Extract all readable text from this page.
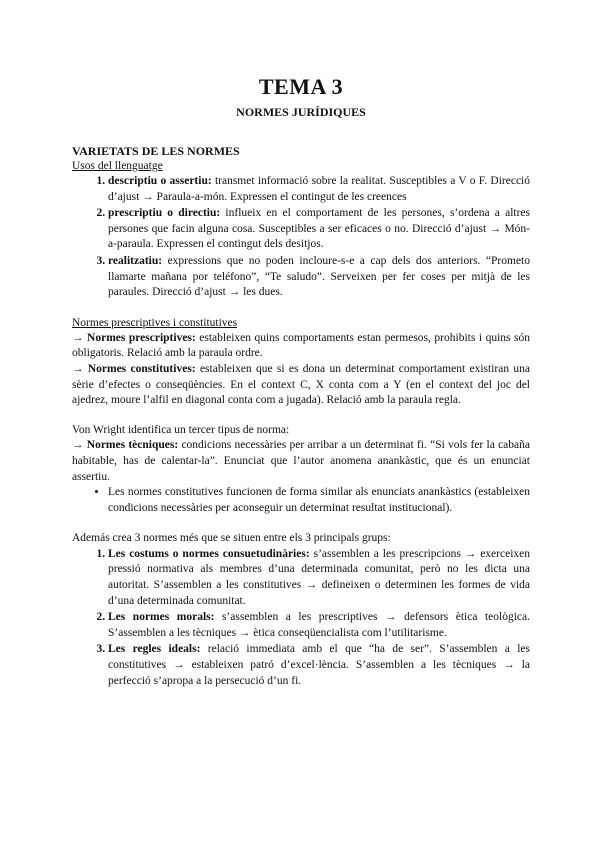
TEMA 3
NORMES JURÍDIQUES
VARIETATS DE LES NORMES
Usos del llenguatge
1. descriptiu o assertiu: transmet informació sobre la realitat. Susceptibles a V o F. Direcció d’ajust → Paraula-a-món. Expressen el contingut de les creences
2. prescriptiu o directiu: influeix en el comportament de les persones, s’ordena a altres persones que facin alguna cosa. Susceptibles a ser eficaces o no. Direcció d’ajust → Món-a-paraula. Expressen el contingut dels desitjos.
3. realitzatiu: expressions que no poden incloure-s-e a cap dels dos anteriors. “Prometo llamarte mañana por teléfono”, “Te saludo”. Serveixen per fer coses per mitjà de les paraules. Direcció d’ajust → les dues.
Normes prescriptives i constitutives

→ Normes prescriptives: estableixen quins comportaments estan permesos, prohibits i quins són obligatoris. Relació amb la paraula ordre.

→ Normes constitutives: estableixen que si es dona un determinat comportament existiran una sèrie d’efectes o conseqüències. En el context C, X conta com a Y (en el context del joc del ajedrez, moure l’alfil en diagonal conta com a jugada). Relació amb la paraula regla.

Von Wright identifica un tercer tipus de norma:

→ Normes tècniques: condicions necessàries per arribar a un determinat fi. “Si vols fer la cabaña habitable, has de calentar-la”. Enunciat que l’autor anomena anankàstic, que és un enunciat assertiu.

• Les normes constitutives funcionen de forma similar als enunciats anankàstics (estableixen condicions necessàries per aconseguir un determinat resultat institucional).

Además crea 3 normes més que se situen entre els 3 principals grups:

1. Les costums o normes consuetudinàries: s’assemblen a les prescripcions → exerceixen pressió normativa als membres d’una determinada comunitat, però no les dicta una autoritat. S’assemblen a les constitutives → defineixen o determinen les formes de vida d’una determinada comunitat.
2. Les normes morals: s’assemblen a les prescriptives → defensors ètica teològica. S’assemblen a les tècniques → ètica conseqüencialista com l’utilitarisme.
3. Les regles ideals: relació immediata amb el que “ha de ser”. S’assemblen a les constitutives → estableixen patró d’excel·lència. S’assemblen a les tècniques → la perfecció s’apropa a la persecució d’un fi.
